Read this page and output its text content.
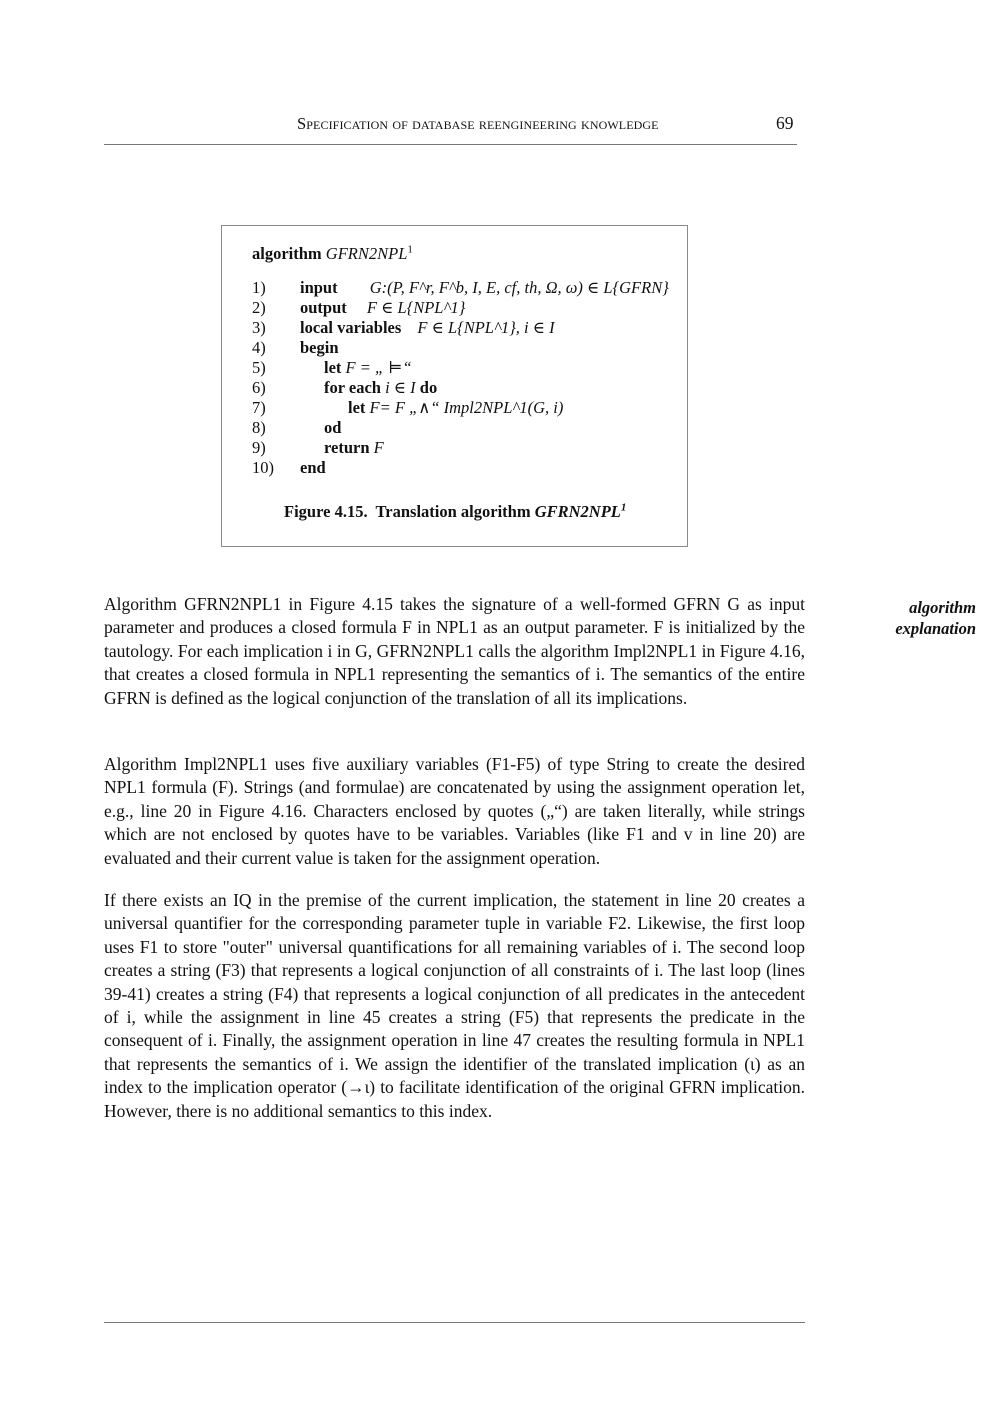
Specification of database reengineering knowledge	69
algorithm GFRN2NPL$^1$
1) input G:(P, F^r, F^b, I, E, cf, th, Ω, ω) ∈ L{GFRN}
2) output F ∈ L{NPL^1}
3) local variables F ∈ L{NPL^1}, i ∈ I
4) begin
5)	let F = „ ⊨“
6)	for each i ∈ I do
7)	let F= F „∧“ Impl2NPL^1(G, i)
8)	od
9)	return F
10) end
Figure 4.15.  Translation algorithm GFRN2NPL$^1$
algorithm
explanation

Algorithm GFRN2NPL1 in Figure 4.15 takes the signature of a well-formed GFRN G as input parameter and produces a closed formula F in NPL1 as an output parameter. F is initialized by the tautology. For each implication i in G, GFRN2NPL1 calls the algorithm Impl2NPL1 in Figure 4.16, that creates a closed formula in NPL1 representing the semantics of i. The semantics of the entire GFRN is defined as the logical conjunction of the translation of all its implications.

Algorithm Impl2NPL1 uses five auxiliary variables (F1-F5) of type String to create the desired NPL1 formula (F). Strings (and formulae) are concatenated by using the assignment operation let, e.g., line 20 in Figure 4.16. Characters enclosed by quotes („“) are taken literally, while strings which are not enclosed by quotes have to be variables. Variables (like F1 and v in line 20) are evaluated and their current value is taken for the assignment operation.

If there exists an IQ in the premise of the current implication, the statement in line 20 creates a universal quantifier for the corresponding parameter tuple in variable F2. Likewise, the first loop uses F1 to store "outer" universal quantifications for all remaining variables of i. The second loop creates a string (F3) that represents a logical conjunction of all constraints of i. The last loop (lines 39-41) creates a string (F4) that represents a logical conjunction of all predicates in the antecedent of i, while the assignment in line 45 creates a string (F5) that represents the predicate in the consequent of i. Finally, the assignment operation in line 47 creates the resulting formula in NPL1 that represents the semantics of i. We assign the identifier of the translated implication (ι) as an index to the implication operator (→ι) to facilitate identification of the original GFRN implication. However, there is no additional semantics to this index.
